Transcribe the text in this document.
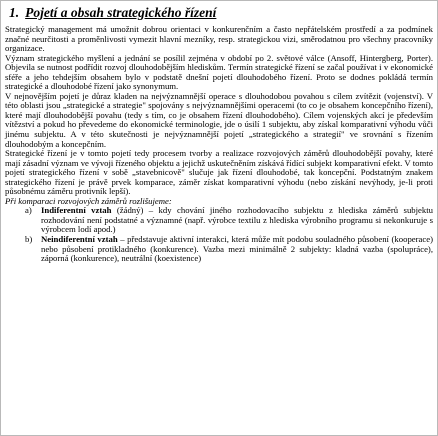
1. Pojetí a obsah strategického řízení

Strategický management má umožnit dobrou orientaci v konkurenčním a často nepřátelském prostředí a za podmínek značné neurčitosti a proměnlivosti vymezit hlavní mezníky, resp. strategickou vizi, směrodatnou pro všechny pracovníky organizace.

Význam strategického myšlení a jednání se posílil zejména v období po 2. světové válce (Ansoff, Hintergberg, Porter). Objevila se nutnost podřídit rozvoj dlouhodobějším hlediskům. Termín strategické řízení se začal používat i v ekonomické sféře a jeho tehdejším obsahem bylo v podstatě dnešní pojetí dlouhodobého řízení. Proto se dodnes pokládá termín strategické a dlouhodobé řízení jako synonymum.

V nejnovějším pojetí je důraz kladen na nejvýznamnější operace s dlouhodobou povahou s cílem zvítězit (vojenství). V této oblasti jsou „strategické a strategie" spojovány s nejvýznamnějšími operacemi (to co je obsahem koncepčního řízení), které mají dlouhodobější povahu (tedy s tím, co je obsahem řízení dlouhodobého). Cílem vojenských akcí je především vítězství a pokud ho převedeme do ekonomické terminologie, jde o úsilí 1 subjektu, aby získal komparativní výhodu vůči jinému subjektu. A v této skutečnosti je nejvýznamnější pojetí „strategického a strategií" ve srovnání s řízením dlouhodobým a koncepčním.

Strategické řízení je v tomto pojetí tedy procesem tvorby a realizace rozvojových záměrů dlouhodobější povahy, které mají zásadní význam ve vývoji řízeného objektu a jejichž uskutečněním získává řídící subjekt komparativní efekt. V tomto pojetí strategického řízení v sobě „stavebnicově" slučuje jak řízení dlouhodobé, tak koncepční. Podstatným znakem strategického řízení je právě prvek komparace, záměr získat komparativní výhodu (nebo získání nevýhody, je-li proti působnému záměru protivník lepší).

Při komparaci rozvojových záměrů rozlišujeme:

a) Indiferentní vztah (žádný) – kdy chování jiného rozhodovacího subjektu z hlediska záměrů subjektu rozhodování není podstatné a významné (např. výrobce textilu z hlediska výrobního programu si nekonkuruje s výrobcem lodí apod.)
b) Neindiferentní vztah – představuje aktivní interakci, která může mít podobu souladného působení (kooperace) nebo působení protikladného (konkurence). Vazba mezi minimálně 2 subjekty: kladná vazba (spolupráce), záporná (konkurence), neutrální (koexistence)
